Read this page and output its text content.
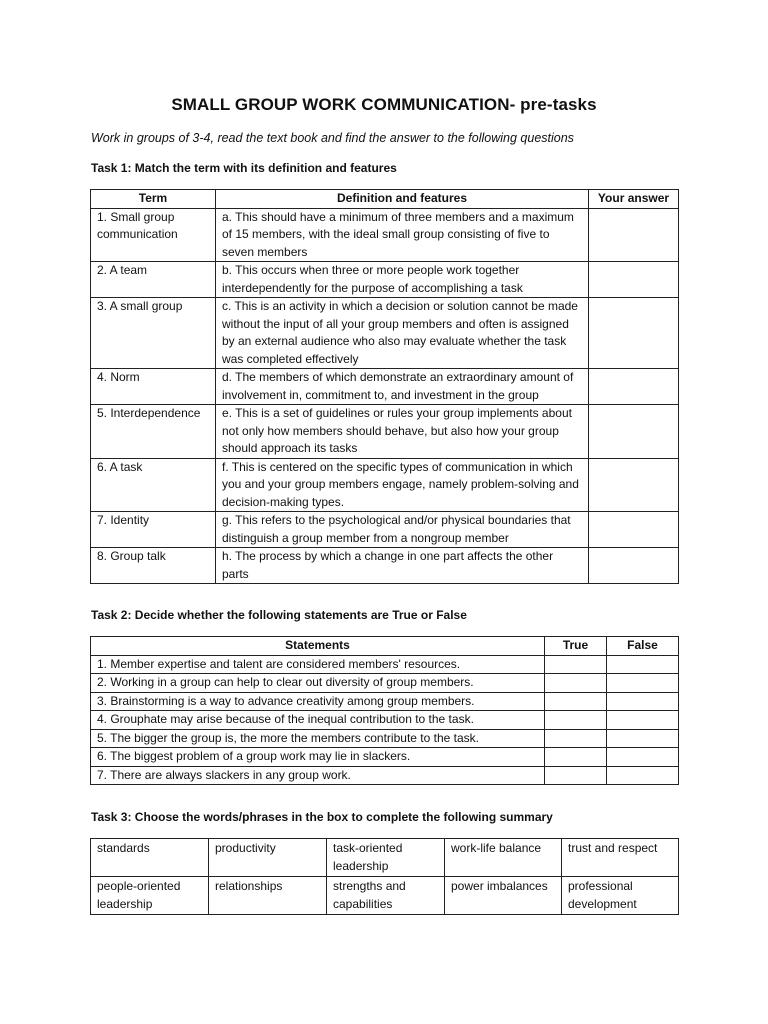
SMALL GROUP WORK COMMUNICATION- pre-tasks
Work in groups of 3-4, read the text book and find the answer to the following questions
Task 1: Match the term with its definition and features
Term	Definition and features	Your answer
1. Small group communication	a. This should have a minimum of three members and a maximum of 15 members, with the ideal small group consisting of five to seven members	
2. A team	b. This occurs when three or more people work together interdependently for the purpose of accomplishing a task	
3. A small group	c. This is an activity in which a decision or solution cannot be made without the input of all your group members and often is assigned by an external audience who also may evaluate whether the task was completed effectively	
4. Norm	d. The members of which demonstrate an extraordinary amount of involvement in, commitment to, and investment in the group	
5. Interdependence	e. This is a set of guidelines or rules your group implements about not only how members should behave, but also how your group should approach its tasks	
6. A task	f. This is centered on the specific types of communication in which you and your group members engage, namely problem-solving and decision-making types.	
7. Identity	g. This refers to the psychological and/or physical boundaries that distinguish a group member from a nongroup member	
8. Group talk	h. The process by which a change in one part affects the other parts	
Task 2: Decide whether the following statements are True or False
Statements	True	False
1. Member expertise and talent are considered members' resources.		
2. Working in a group can help to clear out diversity of group members.		
3. Brainstorming is a way to advance creativity among group members.		
4. Grouphate may arise because of the inequal contribution to the task.		
5. The bigger the group is, the more the members contribute to the task.		
6. The biggest problem of a group work may lie in slackers.		
7. There are always slackers in any group work.		
Task 3: Choose the words/phrases in the box to complete the following summary
standards	productivity	task-oriented leadership	work-life balance	trust and respect
people-oriented leadership	relationships	strengths and capabilities	power imbalances	professional development
